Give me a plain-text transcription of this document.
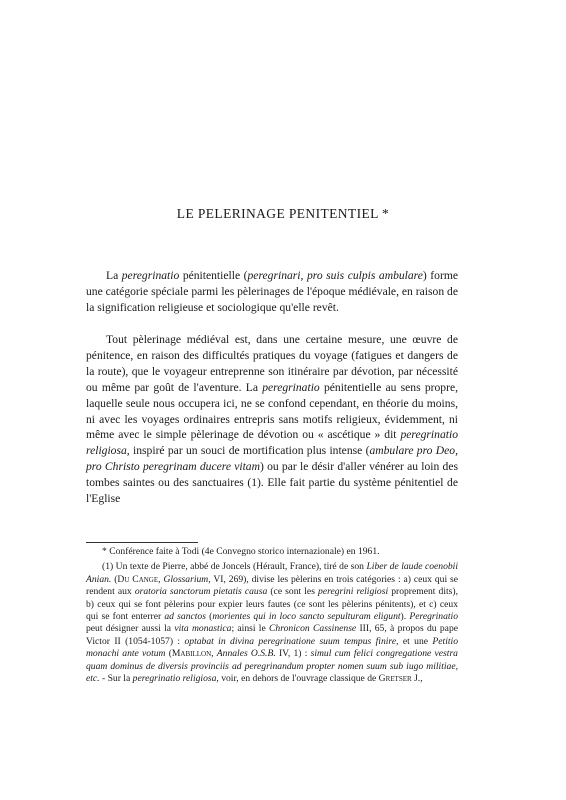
LE PELERINAGE PENITENTIEL *

La peregrinatio pénitentielle (peregrinari, pro suis culpis ambulare) forme une catégorie spéciale parmi les pèlerinages de l'époque médiévale, en raison de la signification religieuse et sociologique qu'elle revêt.

Tout pèlerinage médiéval est, dans une certaine mesure, une œuvre de pénitence, en raison des difficultés pratiques du voyage (fatigues et dangers de la route), que le voyageur entreprenne son itinéraire par dévotion, par nécessité ou même par goût de l'aventure. La peregrinatio pénitentielle au sens propre, laquelle seule nous occupera ici, ne se confond cependant, en théorie du moins, ni avec les voyages ordinaires entrepris sans motifs religieux, évidemment, ni même avec le simple pèlerinage de dévotion ou « ascétique » dit peregrinatio religiosa, inspiré par un souci de mortification plus intense (ambulare pro Deo, pro Christo peregrinam ducere vitam) ou par le désir d'aller vénérer au loin des tombes saintes ou des sanctuaires (1). Elle fait partie du système pénitentiel de l'Eglise

* Conférence faite à Todi (4e Convegno storico internazionale) en 1961.

(1) Un texte de Pierre, abbé de Joncels (Hérault, France), tiré de son Liber de laude coenobii Anian. (Du Cange, Glossarium, VI, 269), divise les pèlerins en trois catégories : a) ceux qui se rendent aux oratoria sanctorum pietatis causa (ce sont les peregrini religiosi proprement dits), b) ceux qui se font pèlerins pour expier leurs fautes (ce sont les pèlerins pénitents), et c) ceux qui se font enterrer ad sanctos (morientes qui in loco sancto sepulturam eligunt). Peregrinatio peut désigner aussi la vita monastica; ainsi le Chronicon Cassinense III, 65, à propos du pape Victor II (1054-1057) : optabat in divina peregrinatione suum tempus finire, et une Petitio monachi ante votum (Mabillon, Annales O.S.B. IV, 1) : simul cum felici congregatione vestra quam dominus de diversis provinciis ad peregrinandum propter nomen suum sub iugo militiae, etc. - Sur la peregrinatio religiosa, voir, en dehors de l'ouvrage classique de Gretser J.,
